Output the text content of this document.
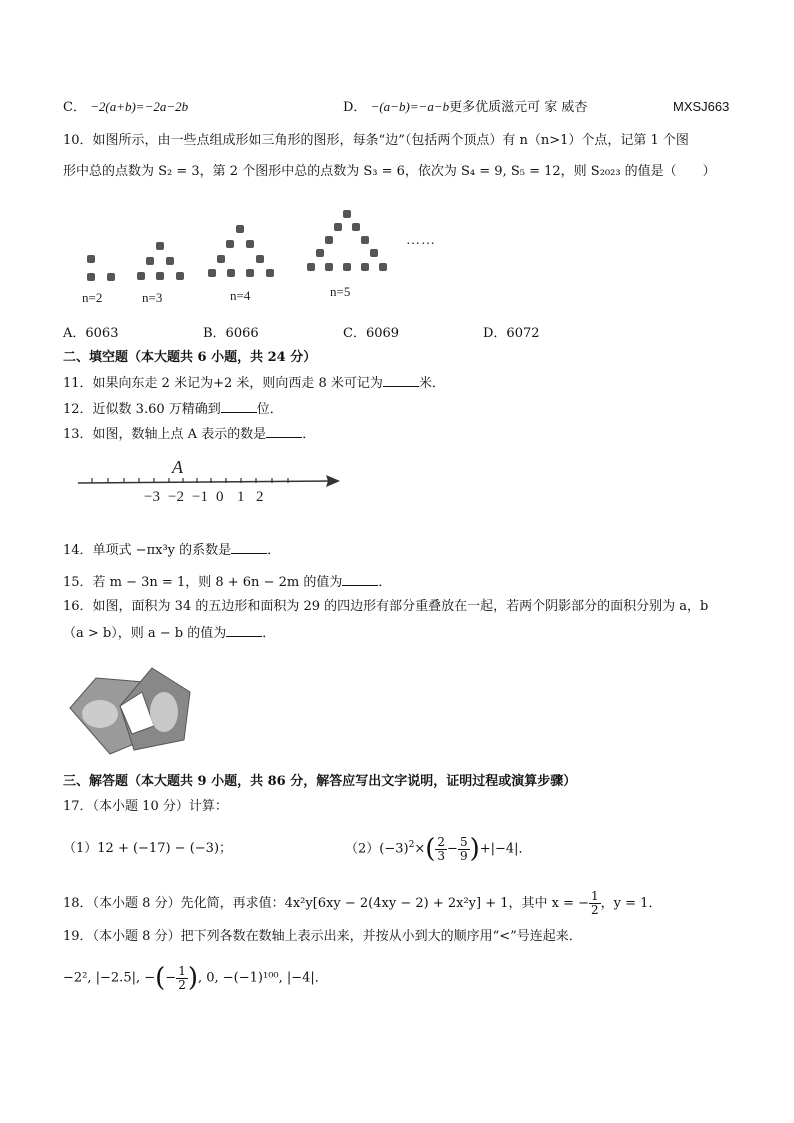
C． −2(a+b)=−2a−2b	D． −(a−b)=−a−b更多优质滋元可 家 威杏	MXSJ663
10．如图所示，由一些点组成形如三角形的图形，每条“边”（包括两个顶点）有 n（n>1）个点，记第 1 个图
形中总的点数为 S₂ = 3，第 2 个图形中总的点数为 S₃ = 6，依次为 S₄ = 9, S₅ = 12，则 S₂₀₂₃ 的值是（　　）
n=2	n=3	n=4	n=5
……
A．6063	B．6066	C．6069	D．6072
二、填空题（本大题共 6 小题，共 24 分）
11．如果向东走 2 米记为+2 米，则向西走 8 米可记为	米．
12．近似数 3.60 万精确到	位．
13．如图，数轴上点 A 表示的数是	．
A
−3 −2 −1 0 1 2
14．单项式 −πx³y 的系数是	．
15．若 m − 3n = 1，则 8 + 6n − 2m 的值为	．
16．如图，面积为 34 的五边形和面积为 29 的四边形有部分重叠放在一起，若两个阴影部分的面积分别为 a，b
（a > b），则 a − b 的值为	．
三、解答题（本大题共 9 小题，共 86 分，解答应写出文字说明，证明过程或演算步骤）
17．（本小题 10 分）计算：
（1）12 + (−17) − (−3)；	$(2)(-3)^2\times( \frac{2}{3} - \frac{5}{9} )+|-4|$．
18．（本小题 8 分）先化简，再求值：4x²y[6xy − 2(4xy − 2) + 2x²y] + 1，其中 x = − $\frac{1}{2}$ ，y = 1．
19．（本小题 8 分）把下列各数在数轴上表示出来，并按从小到大的顺序用“<”号连起来．
−2², |−2.5|, −(− $\frac{1}{2}$ ), 0, −(−1)¹⁰⁰, |−4|．
